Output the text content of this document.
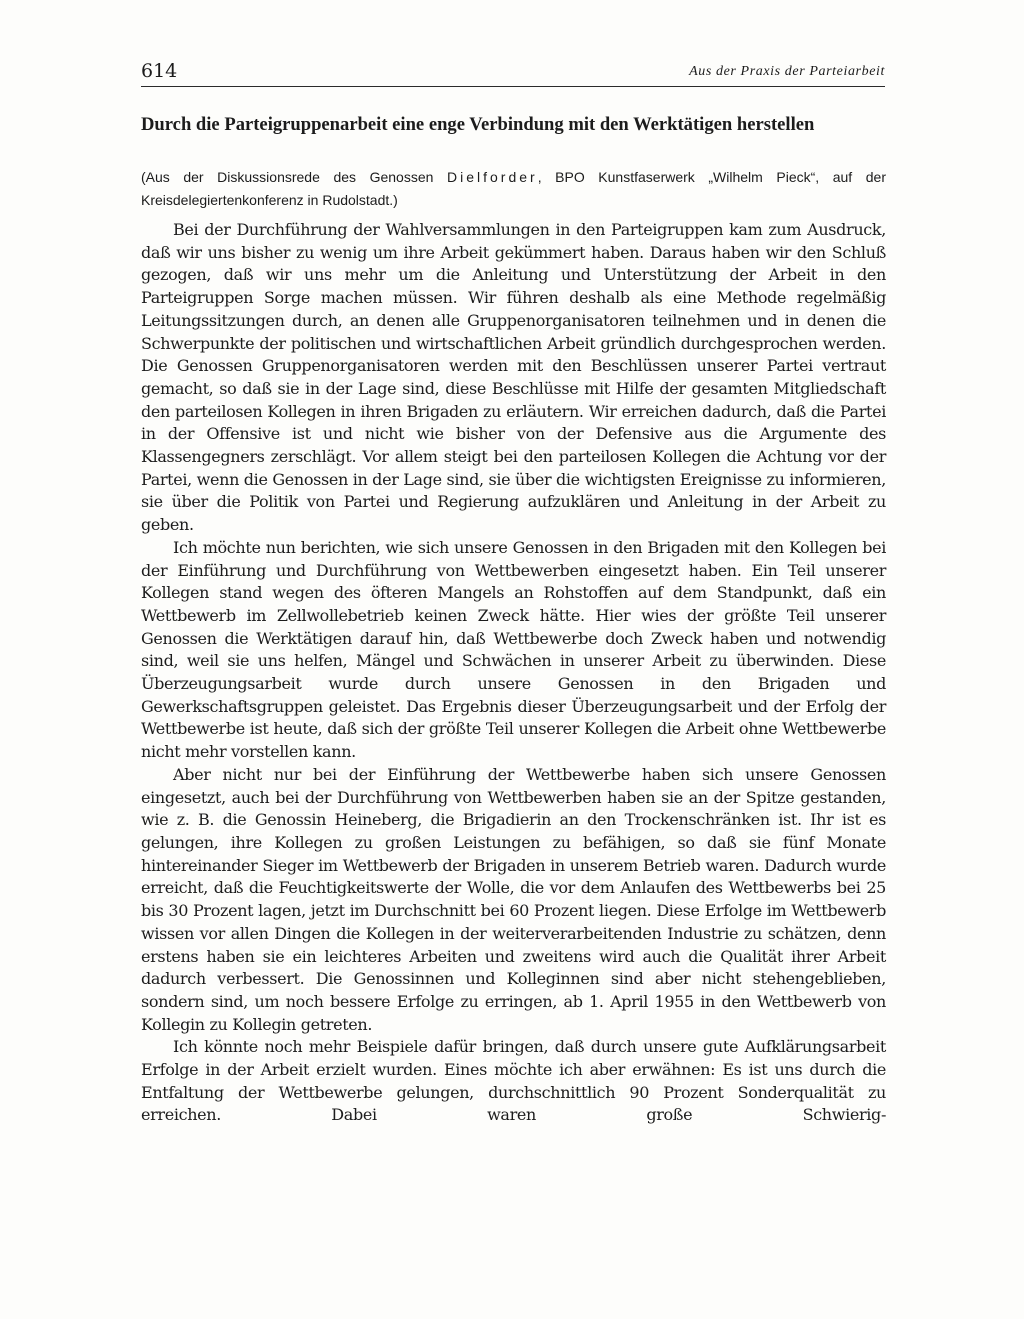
614	Aus der Praxis der Parteiarbeit
Durch die Parteigruppenarbeit eine enge Verbindung mit den Werktätigen herstellen

(Aus der Diskussionsrede des Genossen Dielforder, BPO Kunstfaserwerk „Wilhelm Pieck“, auf der Kreisdelegiertenkonferenz in Rudolstadt.)

Bei der Durchführung der Wahlversammlungen in den Parteigruppen kam zum Ausdruck, daß wir uns bisher zu wenig um ihre Arbeit gekümmert haben. Daraus haben wir den Schluß gezogen, daß wir uns mehr um die Anleitung und Unterstützung der Arbeit in den Parteigruppen Sorge machen müssen. Wir führen deshalb als eine Methode regelmäßig Leitungssitzungen durch, an denen alle Gruppenorganisatoren teilnehmen und in denen die Schwerpunkte der politischen und wirtschaftlichen Arbeit gründlich durchgesprochen werden. Die Genossen Gruppenorganisatoren werden mit den Beschlüssen unserer Partei vertraut gemacht, so daß sie in der Lage sind, diese Beschlüsse mit Hilfe der gesamten Mitgliedschaft den parteilosen Kollegen in ihren Brigaden zu erläutern. Wir erreichen dadurch, daß die Partei in der Offensive ist und nicht wie bisher von der Defensive aus die Argumente des Klassengegners zerschlägt. Vor allem steigt bei den parteilosen Kollegen die Achtung vor der Partei, wenn die Genossen in der Lage sind, sie über die wichtigsten Ereignisse zu informieren, sie über die Politik von Partei und Regierung aufzuklären und Anleitung in der Arbeit zu geben.

Ich möchte nun berichten, wie sich unsere Genossen in den Brigaden mit den Kollegen bei der Einführung und Durchführung von Wettbewerben eingesetzt haben. Ein Teil unserer Kollegen stand wegen des öfteren Mangels an Rohstoffen auf dem Standpunkt, daß ein Wettbewerb im Zellwollebetrieb keinen Zweck hätte. Hier wies der größte Teil unserer Genossen die Werktätigen darauf hin, daß Wettbewerbe doch Zweck haben und notwendig sind, weil sie uns helfen, Mängel und Schwächen in unserer Arbeit zu überwinden. Diese Überzeugungsarbeit wurde durch unsere Genossen in den Brigaden und Gewerkschaftsgruppen geleistet. Das Ergebnis dieser Überzeugungsarbeit und der Erfolg der Wettbewerbe ist heute, daß sich der größte Teil unserer Kollegen die Arbeit ohne Wettbewerbe nicht mehr vorstellen kann.

Aber nicht nur bei der Einführung der Wettbewerbe haben sich unsere Genossen eingesetzt, auch bei der Durchführung von Wettbewerben haben sie an der Spitze gestanden, wie z. B. die Genossin Heineberg, die Brigadierin an den Trockenschränken ist. Ihr ist es gelungen, ihre Kollegen zu großen Leistungen zu befähigen, so daß sie fünf Monate hintereinander Sieger im Wettbewerb der Brigaden in unserem Betrieb waren. Dadurch wurde erreicht, daß die Feuchtigkeitswerte der Wolle, die vor dem Anlaufen des Wettbewerbs bei 25 bis 30 Prozent lagen, jetzt im Durchschnitt bei 60 Prozent liegen. Diese Erfolge im Wettbewerb wissen vor allen Dingen die Kollegen in der weiterverarbeitenden Industrie zu schätzen, denn erstens haben sie ein leichteres Arbeiten und zweitens wird auch die Qualität ihrer Arbeit dadurch verbessert. Die Genossinnen und Kolleginnen sind aber nicht stehengeblieben, sondern sind, um noch bessere Erfolge zu erringen, ab 1. April 1955 in den Wettbewerb von Kollegin zu Kollegin getreten.

Ich könnte noch mehr Beispiele dafür bringen, daß durch unsere gute Aufklärungsarbeit Erfolge in der Arbeit erzielt wurden. Eines möchte ich aber erwähnen: Es ist uns durch die Entfaltung der Wettbewerbe gelungen, durchschnittlich 90 Prozent Sonderqualität zu erreichen. Dabei waren große Schwierig-
